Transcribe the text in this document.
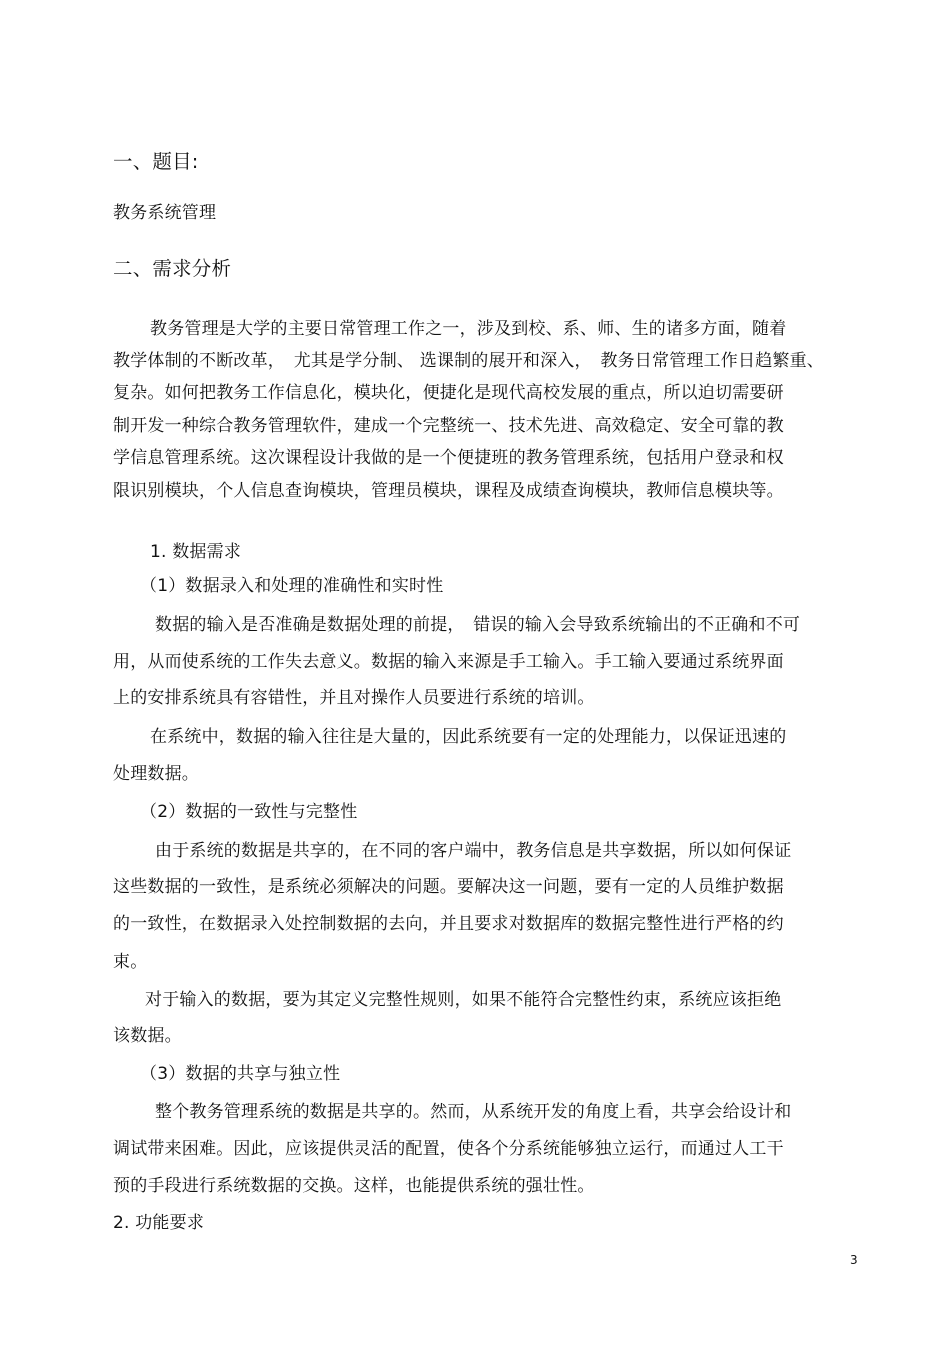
一、题目:
教务系统管理
二、需求分析
教务管理是大学的主要日常管理工作之一，涉及到校、系、师、生的诸多方面，随着
教学体制的不断改革，　尤其是学分制、 选课制的展开和深入，　教务日常管理工作日趋繁重、
复杂。如何把教务工作信息化，模块化，便捷化是现代高校发展的重点，所以迫切需要研
制开发一种综合教务管理软件，建成一个完整统一、技术先进、高效稳定、安全可靠的教
学信息管理系统。这次课程设计我做的是一个便捷班的教务管理系统，包括用户登录和权
限识别模块，个人信息查询模块，管理员模块，课程及成绩查询模块，教师信息模块等。
1. 数据需求
（1）数据录入和处理的准确性和实时性
数据的输入是否准确是数据处理的前提，　错误的输入会导致系统输出的不正确和不可
用，从而使系统的工作失去意义。数据的输入来源是手工输入。手工输入要通过系统界面
上的安排系统具有容错性，并且对操作人员要进行系统的培训。
在系统中，数据的输入往往是大量的，因此系统要有一定的处理能力，以保证迅速的
处理数据。
（2）数据的一致性与完整性
由于系统的数据是共享的，在不同的客户端中，教务信息是共享数据，所以如何保证
这些数据的一致性，是系统必须解决的问题。要解决这一问题，要有一定的人员维护数据
的一致性，在数据录入处控制数据的去向，并且要求对数据库的数据完整性进行严格的约
束。
对于输入的数据，要为其定义完整性规则，如果不能符合完整性约束，系统应该拒绝
该数据。
（3）数据的共享与独立性
整个教务管理系统的数据是共享的。然而，从系统开发的角度上看，共享会给设计和
调试带来困难。因此，应该提供灵活的配置，使各个分系统能够独立运行，而通过人工干
预的手段进行系统数据的交换。这样，也能提供系统的强壮性。
2. 功能要求
3
